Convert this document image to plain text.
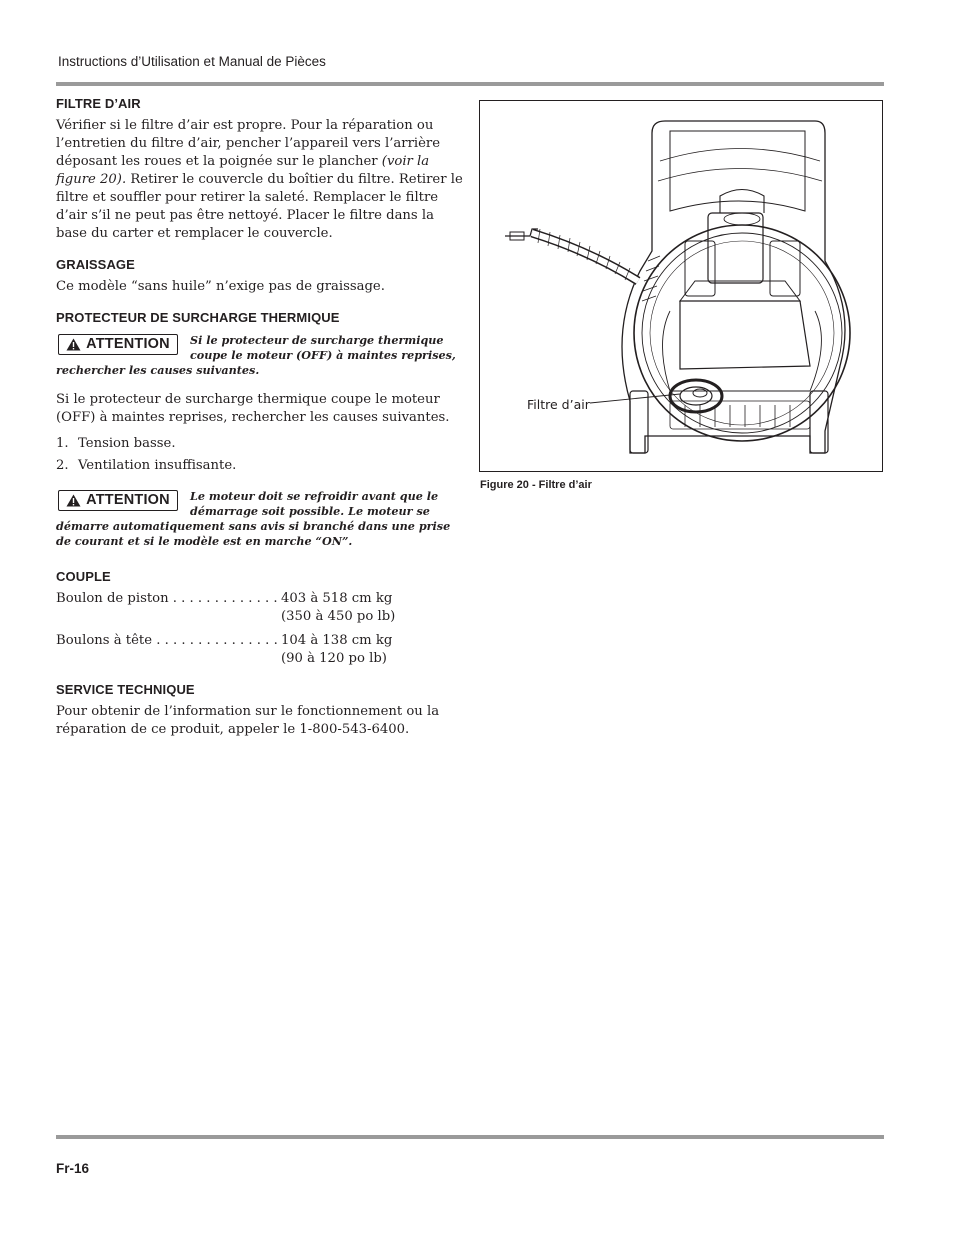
Instructions d’Utilisation et Manual de Pièces
FILTRE D’AIR

Vérifier si le filtre d’air est propre. Pour la réparation ou l’entretien du filtre d’air, pencher l’appareil vers l’arrière déposant les roues et la poignée sur le plancher (voir la figure 20). Retirer le couvercle du boîtier du filtre. Retirer le filtre et souffler pour retirer la saleté. Remplacer le filtre d’air s’il ne peut pas être nettoyé. Placer le filtre dans la base du carter et remplacer le couvercle.

GRAISSAGE

Ce modèle “sans huile” n’exige pas de graissage.

PROTECTEUR DE SURCHARGE THERMIQUE
ATTENTION Si le protecteur de surcharge thermique coupe le moteur (OFF) à maintes reprises, rechercher les causes suivantes.

Si le protecteur de surcharge thermique coupe le moteur (OFF) à maintes reprises, rechercher les causes suivantes.

1. Tension basse.
2. Ventilation insuffisante.
ATTENTION Le moteur doit se refroidir avant que le démarrage soit possible. Le moteur se démarre automatiquement sans avis si branché dans une prise de courant et si le modèle est en marche “ON”.
COUPLE
Boulon de piston . . .	403 à 518 cm kg
(350 à 450 po lb)
Boulons à tête . . .	104 à 138 cm kg
(90 à 120 po lb)
SERVICE TECHNIQUE

Pour obtenir de l’information sur le fonctionnement ou la réparation de ce produit, appeler le 1-800-543-6400.

Filtre d’air
Figure 20 - Filtre d’air
Fr-16
